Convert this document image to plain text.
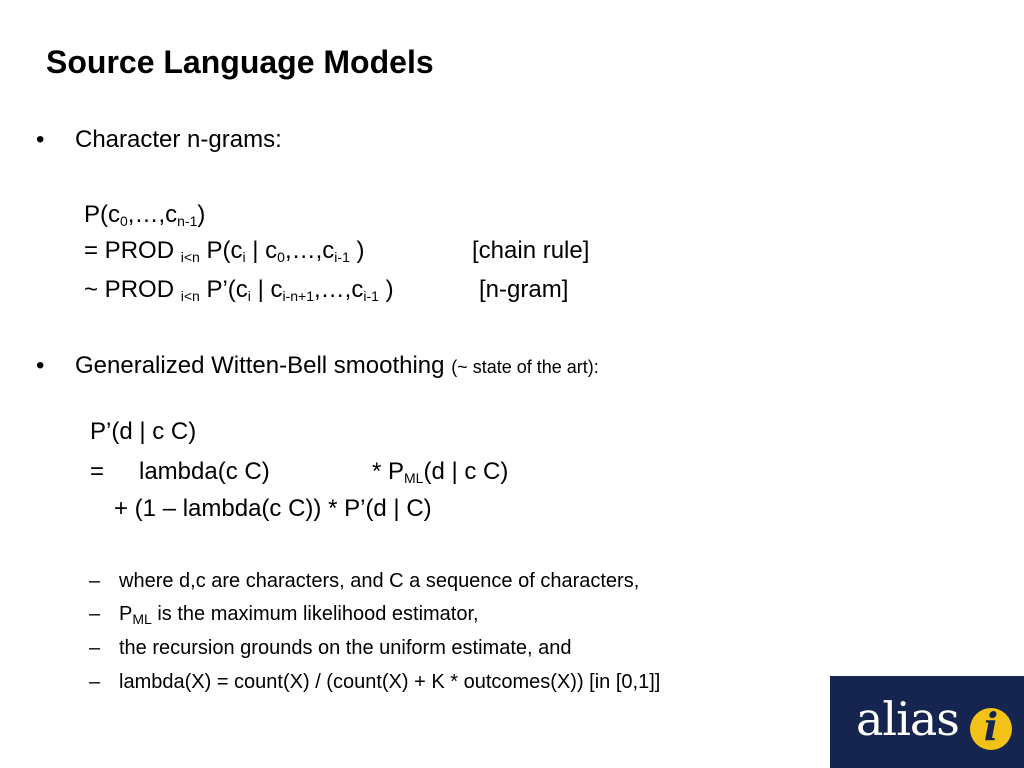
Source Language Models
• Character n-grams:
$P(c_0,\dots,c_{n-1})$
= PROD $_{i<n}$ $P(c_i$ | $c_0,\dots,c_{i-1}$ )	[chain rule]
~ PROD $_{i<n}$ $P’(c_i$ | $c_{i-n+1},\dots,c_{i-1}$ )	[n-gram]
• Generalized Witten-Bell smoothing (~ state of the art):
P’(d | c C)
= lambda(c C)	* $P_{ML}(d$ | c C)
+ (1 – lambda(c C)) * P’(d | C)
– where d,c are characters, and C a sequence of characters,
– $P_{ML}$ is the maximum likelihood estimator,
– the recursion grounds on the uniform estimate, and
– lambda(X) = count(X) / (count(X) + K * outcomes(X)) [in [0,1]]
alias i
